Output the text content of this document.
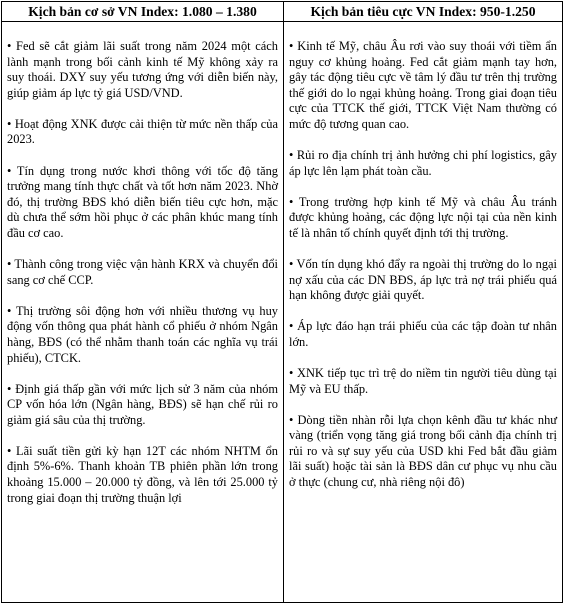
Kịch bản cơ sở VN Index: 1.080 – 1.380
• Fed sẽ cắt giảm lãi suất trong năm 2024 một cách lành mạnh trong bối cảnh kinh tế Mỹ không xảy ra suy thoái. DXY suy yếu tương ứng với diễn biến này, giúp giảm áp lực tỷ giá USD/VND.
• Hoạt động XNK được cải thiện từ mức nền thấp của 2023.
• Tín dụng trong nước khơi thông với tốc độ tăng trưởng mang tính thực chất và tốt hơn năm 2023. Nhờ đó, thị trường BĐS khó diễn biến tiêu cực hơn, mặc dù chưa thể sớm hồi phục ở các phân khúc mang tính đầu cơ cao.
• Thành công trong việc vận hành KRX và chuyển đổi sang cơ chế CCP.
• Thị trường sôi động hơn với nhiều thương vụ huy động vốn thông qua phát hành cổ phiếu ở nhóm Ngân hàng, BĐS (có thể nhằm thanh toán các nghĩa vụ trái phiếu), CTCK.
• Định giá thấp gần với mức lịch sử 3 năm của nhóm CP vốn hóa lớn (Ngân hàng, BĐS) sẽ hạn chế rủi ro giảm giá sâu của thị trường.
• Lãi suất tiền gửi kỳ hạn 12T các nhóm NHTM ổn định 5%-6%. Thanh khoản TB phiên phần lớn trong khoảng 15.000 – 20.000 tỷ đồng, và lên tới 25.000 tỷ trong giai đoạn thị trường thuận lợi
Kịch bản tiêu cực VN Index: 950-1.250
• Kinh tế Mỹ, châu Âu rơi vào suy thoái với tiềm ẩn nguy cơ khủng hoảng. Fed cắt giảm mạnh tay hơn, gây tác động tiêu cực về tâm lý đầu tư trên thị trường thế giới do lo ngại khủng hoảng. Trong giai đoạn tiêu cực của TTCK thế giới, TTCK Việt Nam thường có mức độ tương quan cao.
• Rủi ro địa chính trị ảnh hưởng chi phí logistics, gây áp lực lên lạm phát toàn cầu.
• Trong trường hợp kinh tế Mỹ và châu Âu tránh được khủng hoảng, các động lực nội tại của nền kinh tế là nhân tố chính quyết định tới thị trường.
• Vốn tín dụng khó đẩy ra ngoài thị trường do lo ngại nợ xấu của các DN BĐS, áp lực trả nợ trái phiếu quá hạn không được giải quyết.
• Áp lực đáo hạn trái phiếu của các tập đoàn tư nhân lớn.
• XNK tiếp tục trì trệ do niềm tin người tiêu dùng tại Mỹ và EU thấp.
• Dòng tiền nhàn rỗi lựa chọn kênh đầu tư khác như vàng (triển vọng tăng giá trong bối cảnh địa chính trị rủi ro và sự suy yếu của USD khi Fed bắt đầu giảm lãi suất) hoặc tài sản là BĐS dân cư phục vụ nhu cầu ở thực (chung cư, nhà riêng nội đô)
